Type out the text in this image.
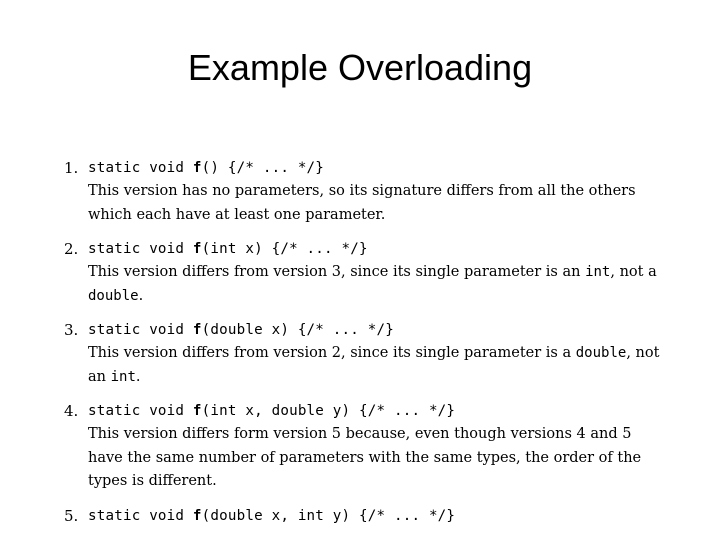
Example Overloading
1. static void f() {/* ... */}

This version has no parameters, so its signature differs from all the others which each have at least one parameter.

2. static void f(int x) {/* ... */}

This version differs from version 3, since its single parameter is an int, not a double.

3. static void f(double x) {/* ... */}

This version differs from version 2, since its single parameter is a double, not an int.

4. static void f(int x, double y) {/* ... */}

This version differs form version 5 because, even though versions 4 and 5 have the same number of parameters with the same types, the order of the types is different.

5. static void f(double x, int y) {/* ... */}
